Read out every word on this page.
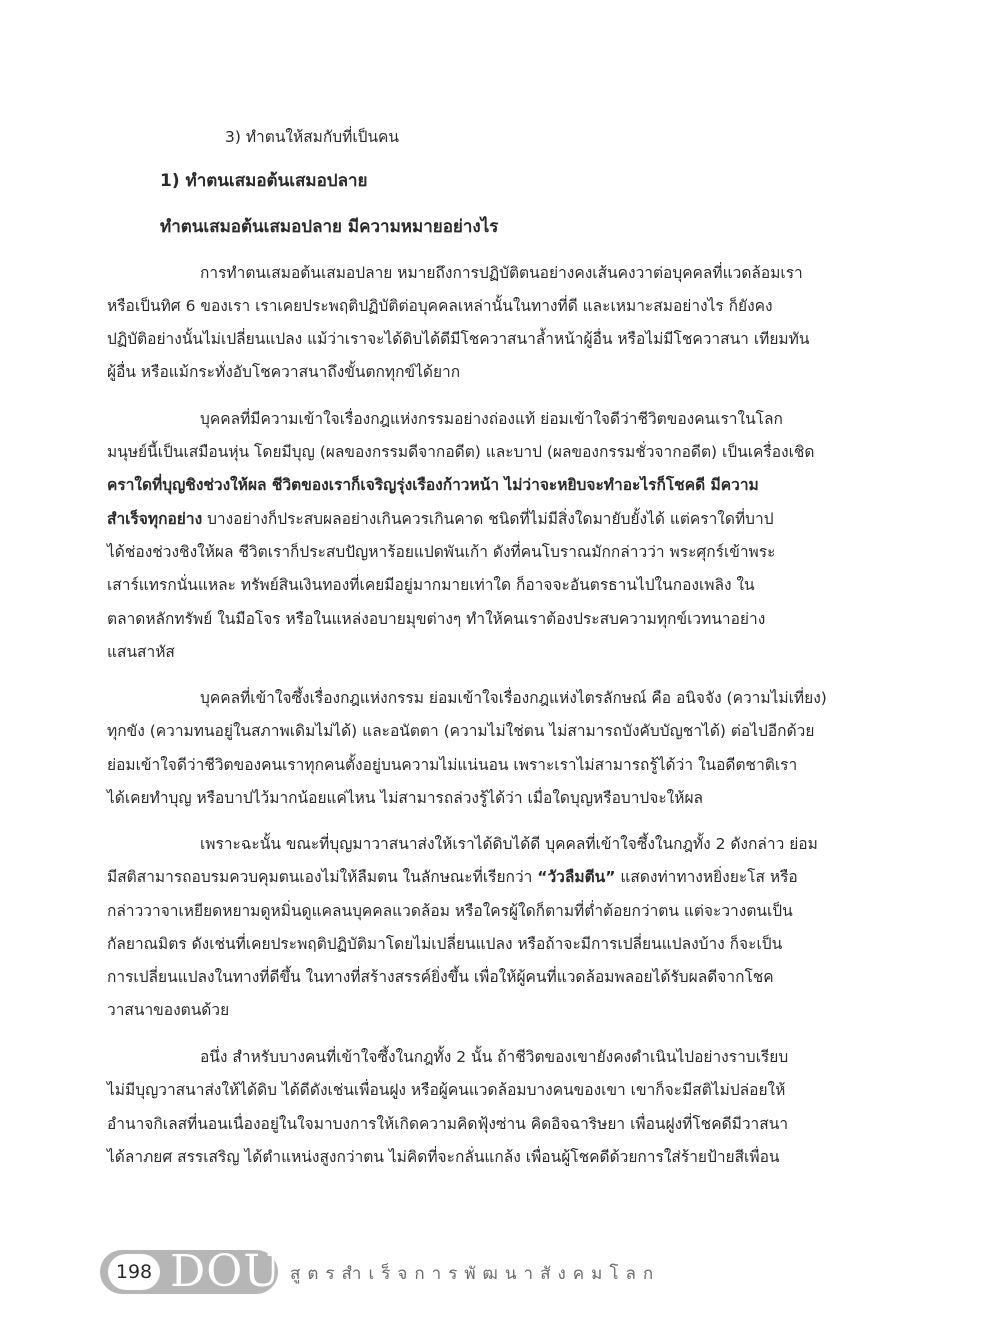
3) ทำตนให้สมกับที่เป็นคน
1) ทำตนเสมอต้นเสมอปลาย
ทำตนเสมอต้นเสมอปลาย มีความหมายอย่างไร
การทำตนเสมอต้นเสมอปลาย หมายถึงการปฏิบัติตนอย่างคงเส้นคงวาต่อบุคคลที่แวดล้อมเรา
หรือเป็นทิศ 6 ของเรา เราเคยประพฤติปฏิบัติต่อบุคคลเหล่านั้นในทางที่ดี และเหมาะสมอย่างไร ก็ยังคง
ปฏิบัติอย่างนั้นไม่เปลี่ยนแปลง แม้ว่าเราจะได้ดิบได้ดีมีโชควาสนาล้ำหน้าผู้อื่น หรือไม่มีโชควาสนา เทียมทัน
ผู้อื่น หรือแม้กระทั่งอับโชควาสนาถึงขั้นตกทุกข์ได้ยาก
บุคคลที่มีความเข้าใจเรื่องกฎแห่งกรรมอย่างถ่องแท้ ย่อมเข้าใจดีว่าชีวิตของคนเราในโลก
มนุษย์นี้เป็นเสมือนหุ่น โดยมีบุญ (ผลของกรรมดีจากอดีต) และบาป (ผลของกรรมชั่วจากอดีต) เป็นเครื่องเชิด
คราใดที่บุญชิงช่วงให้ผล ชีวิตของเราก็เจริญรุ่งเรืองก้าวหน้า ไม่ว่าจะหยิบจะทำอะไรก็โชคดี มีความ
สำเร็จทุกอย่าง บางอย่างก็ประสบผลอย่างเกินควรเกินคาด ชนิดที่ไม่มีสิ่งใดมายับยั้งได้ แต่คราใดที่บาป
ได้ช่องช่วงชิงให้ผล ชีวิตเราก็ประสบปัญหาร้อยแปดพันเก้า ดังที่คนโบราณมักกล่าวว่า พระศุกร์เข้าพระ
เสาร์แทรกนั่นแหละ ทรัพย์สินเงินทองที่เคยมีอยู่มากมายเท่าใด ก็อาจจะอันตรธานไปในกองเพลิง ใน
ตลาดหลักทรัพย์ ในมือโจร หรือในแหล่งอบายมุขต่างๆ ทำให้คนเราต้องประสบความทุกข์เวทนาอย่าง
แสนสาหัส
บุคคลที่เข้าใจซึ้งเรื่องกฎแห่งกรรม ย่อมเข้าใจเรื่องกฎแห่งไตรลักษณ์ คือ อนิจจัง (ความไม่เที่ยง)
ทุกขัง (ความทนอยู่ในสภาพเดิมไม่ได้) และอนัตตา (ความไม่ใช่ตน ไม่สามารถบังคับบัญชาได้) ต่อไปอีกด้วย
ย่อมเข้าใจดีว่าชีวิตของคนเราทุกคนตั้งอยู่บนความไม่แน่นอน เพราะเราไม่สามารถรู้ได้ว่า ในอดีตชาติเรา
ได้เคยทำบุญ หรือบาปไว้มากน้อยแค่ไหน ไม่สามารถล่วงรู้ได้ว่า เมื่อใดบุญหรือบาปจะให้ผล
เพราะฉะนั้น ขณะที่บุญมาวาสนาส่งให้เราได้ดิบได้ดี บุคคลที่เข้าใจซึ้งในกฎทั้ง 2 ดังกล่าว ย่อม
มีสติสามารถอบรมควบคุมตนเองไม่ให้ลืมตน ในลักษณะที่เรียกว่า “วัวลืมตีน” แสดงท่าทางหยิ่งยะโส หรือ
กล่าววาจาเหยียดหยามดูหมิ่นดูแคลนบุคคลแวดล้อม หรือใครผู้ใดก็ตามที่ต่ำต้อยกว่าตน แต่จะวางตนเป็น
กัลยาณมิตร ดังเช่นที่เคยประพฤติปฏิบัติมาโดยไม่เปลี่ยนแปลง หรือถ้าจะมีการเปลี่ยนแปลงบ้าง ก็จะเป็น
การเปลี่ยนแปลงในทางที่ดีขึ้น ในทางที่สร้างสรรค์ยิ่งขึ้น เพื่อให้ผู้คนที่แวดล้อมพลอยได้รับผลดีจากโชค
วาสนาของตนด้วย
อนึ่ง สำหรับบางคนที่เข้าใจซึ้งในกฎทั้ง 2 นั้น ถ้าชีวิตของเขายังคงดำเนินไปอย่างราบเรียบ
ไม่มีบุญวาสนาส่งให้ได้ดิบ ได้ดีดังเช่นเพื่อนฝูง หรือผู้คนแวดล้อมบางคนของเขา เขาก็จะมีสติไม่ปล่อยให้
อำนาจกิเลสที่นอนเนื่องอยู่ในใจมาบงการให้เกิดความคิดฟุ้งซ่าน คิดอิจฉาริษยา เพื่อนฝูงที่โชคดีมีวาสนา
ได้ลาภยศ สรรเสริญ ได้ตำแหน่งสูงกว่าตน ไม่คิดที่จะกลั่นแกล้ง เพื่อนผู้โชคดีด้วยการใส่ร้ายป้ายสีเพื่อน
198 DOU สูตรสำเร็จการพัฒนาสังคมโลก
